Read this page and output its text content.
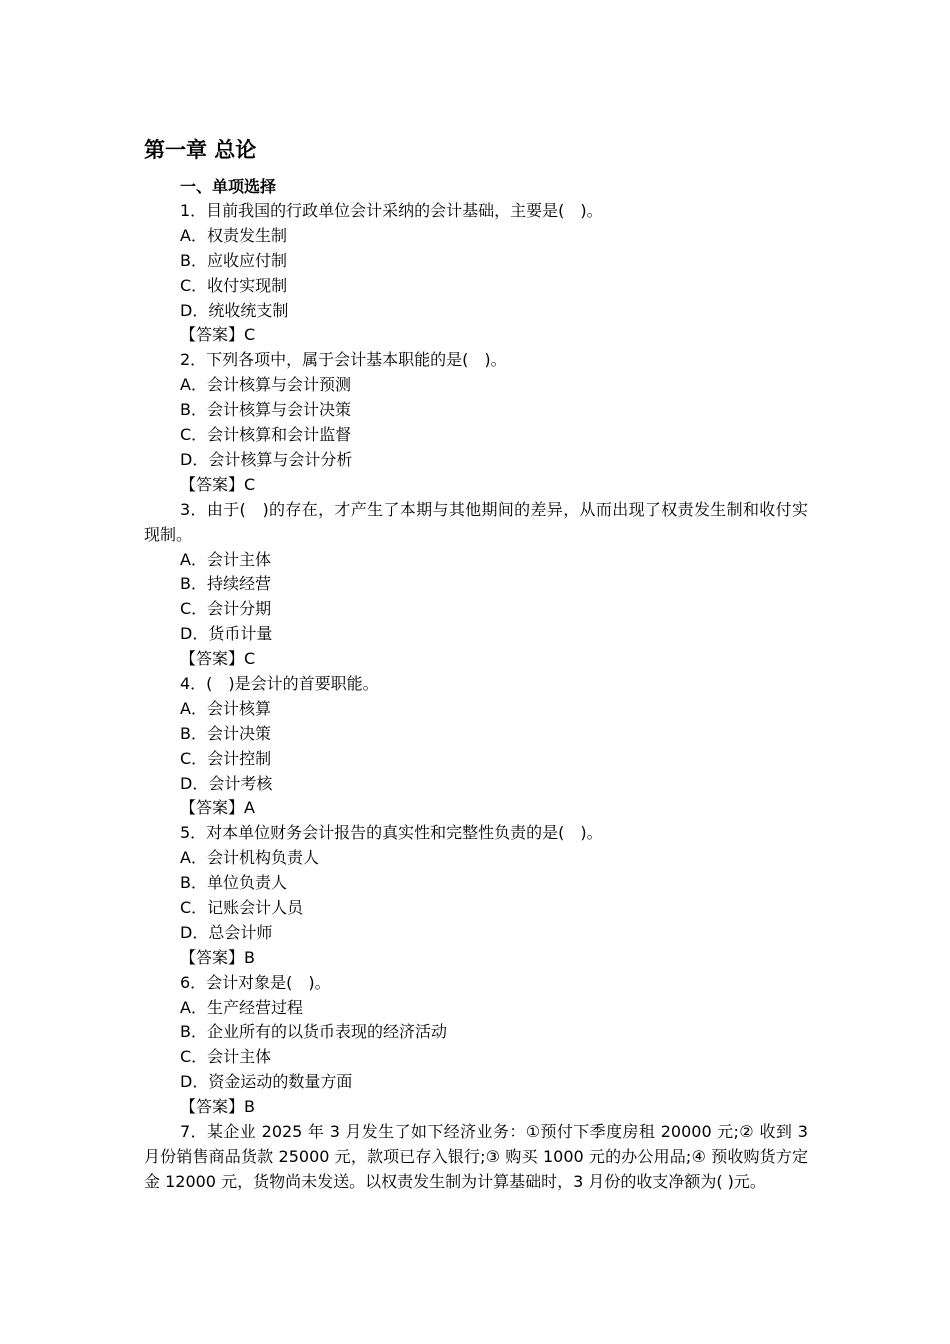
第一章 总论
一、单项选择
1．目前我国的行政单位会计采纳的会计基础，主要是(　)。
A．权责发生制
B．应收应付制
C．收付实现制
D．统收统支制
【答案】C
2．下列各项中，属于会计基本职能的是(　)。
A．会计核算与会计预测
B．会计核算与会计决策
C．会计核算和会计监督
D．会计核算与会计分析
【答案】C
3．由于(　)的存在，才产生了本期与其他期间的差异，从而出现了权责发生制和收付实现制。
A．会计主体
B．持续经营
C．会计分期
D．货币计量
【答案】C
4．(　)是会计的首要职能。
A．会计核算
B．会计决策
C．会计控制
D．会计考核
【答案】A
5．对本单位财务会计报告的真实性和完整性负责的是(　)。
A．会计机构负责人
B．单位负责人
C．记账会计人员
D．总会计师
【答案】B
6．会计对象是(　)。
A．生产经营过程
B．企业所有的以货币表现的经济活动
C．会计主体
D．资金运动的数量方面
【答案】B
7．某企业 2025 年 3 月发生了如下经济业务：①预付下季度房租 20000 元;② 收到 3 月份销售商品货款 25000 元，款项已存入银行;③ 购买 1000 元的办公用品;④ 预收购货方定金 12000 元，货物尚未发送。以权责发生制为计算基础时，3 月份的收支净额为( )元。
